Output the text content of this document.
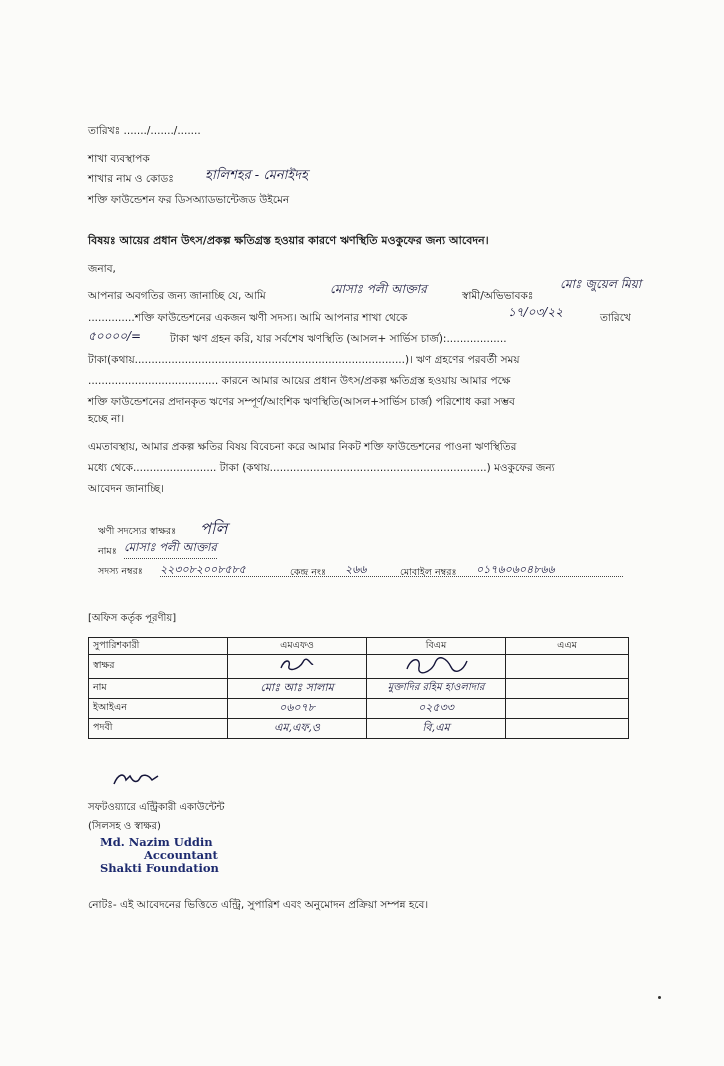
তারিখঃ ......./......./.......
শাখা ব্যবস্থাপক
শাখার নাম ও কোডঃ হালিশহর - মেনাইদহ
শক্তি ফাউন্ডেশন ফর ডিসঅ্যাডভান্টেজড উইমেন
বিষয়ঃ আয়ের প্রধান উৎস/প্রকল্প ক্ষতিগ্রস্ত হওয়ার কারণে ঋণস্থিতি মওকুফের জন্য আবেদন।
জনাব,
আপনার অবগতির জন্য জানাচ্ছি যে, আমি	মোসাঃ পলী আক্তার	স্বামী/অভিভাবকঃ
মোঃ জুয়েল মিয়া
..............শক্তি ফাউন্ডেশনের একজন ঋণী সদস্য। আমি আপনার শাখা থেকে	১৭/০৩/২২	তারিখে
৫০০০০/=	টাকা ঋণ গ্রহন করি, যার সর্বশেষ ঋণস্থিতি (আসল+ সার্ভিস চার্জ):..................
টাকা(কথায়.................................................................................)। ঋণ গ্রহণের পরবর্তী সময়
....................................... কারনে আমার আয়ের প্রধান উৎস/প্রকল্প ক্ষতিগ্রস্ত হওয়ায় আমার পক্ষে
শক্তি ফাউন্ডেশনের প্রদানকৃত ঋণের সম্পূর্ণ/আংশিক ঋণস্থিতি(আসল+সার্ভিস চার্জ) পরিশোধ করা সম্ভব
হচ্ছে না।
এমতাবস্থায়, আমার প্রকল্প ক্ষতির বিষয় বিবেচনা করে আমার নিকট শক্তি ফাউন্ডেশনের পাওনা ঋণস্থিতির
মধ্যে থেকে......................... টাকা (কথায়.................................................................) মওকুফের জন্য
আবেদন জানাচ্ছি।
ঋণী সদস্যের স্বাক্ষরঃ পলি
নামঃ মোসাঃ পলী আক্তার
সদস্য নম্বরঃ ২২৩০৮২০০৮৫৮৫	কেন্দ্র নংঃ ২৬৬	মোবাইল নম্বরঃ ০১৭৬০৬০৪৮৬৬
[অফিস কর্তৃক পূরণীয়]
সুপারিশকারী	এমএফও	বিএম	এএম
স্বাক্ষর			
নাম	মোঃ আঃ সালাম	মুক্তাদির রহিম হাওলাদার	
ইআইএন	০৬০৭৮	০২৫৩৩	
পদবী	এম,এফ,ও	বি,এম	
সফটওয়্যারে এন্ট্রিকারী একাউন্টেন্ট
(সিলসহ ও স্বাক্ষর)
Md. Nazim Uddin
Accountant
Shakti Foundation
নোটঃ- এই আবেদনের ভিত্তিতে এন্ট্রি, সুপারিশ এবং অনুমোদন প্রক্রিয়া সম্পন্ন হবে।
